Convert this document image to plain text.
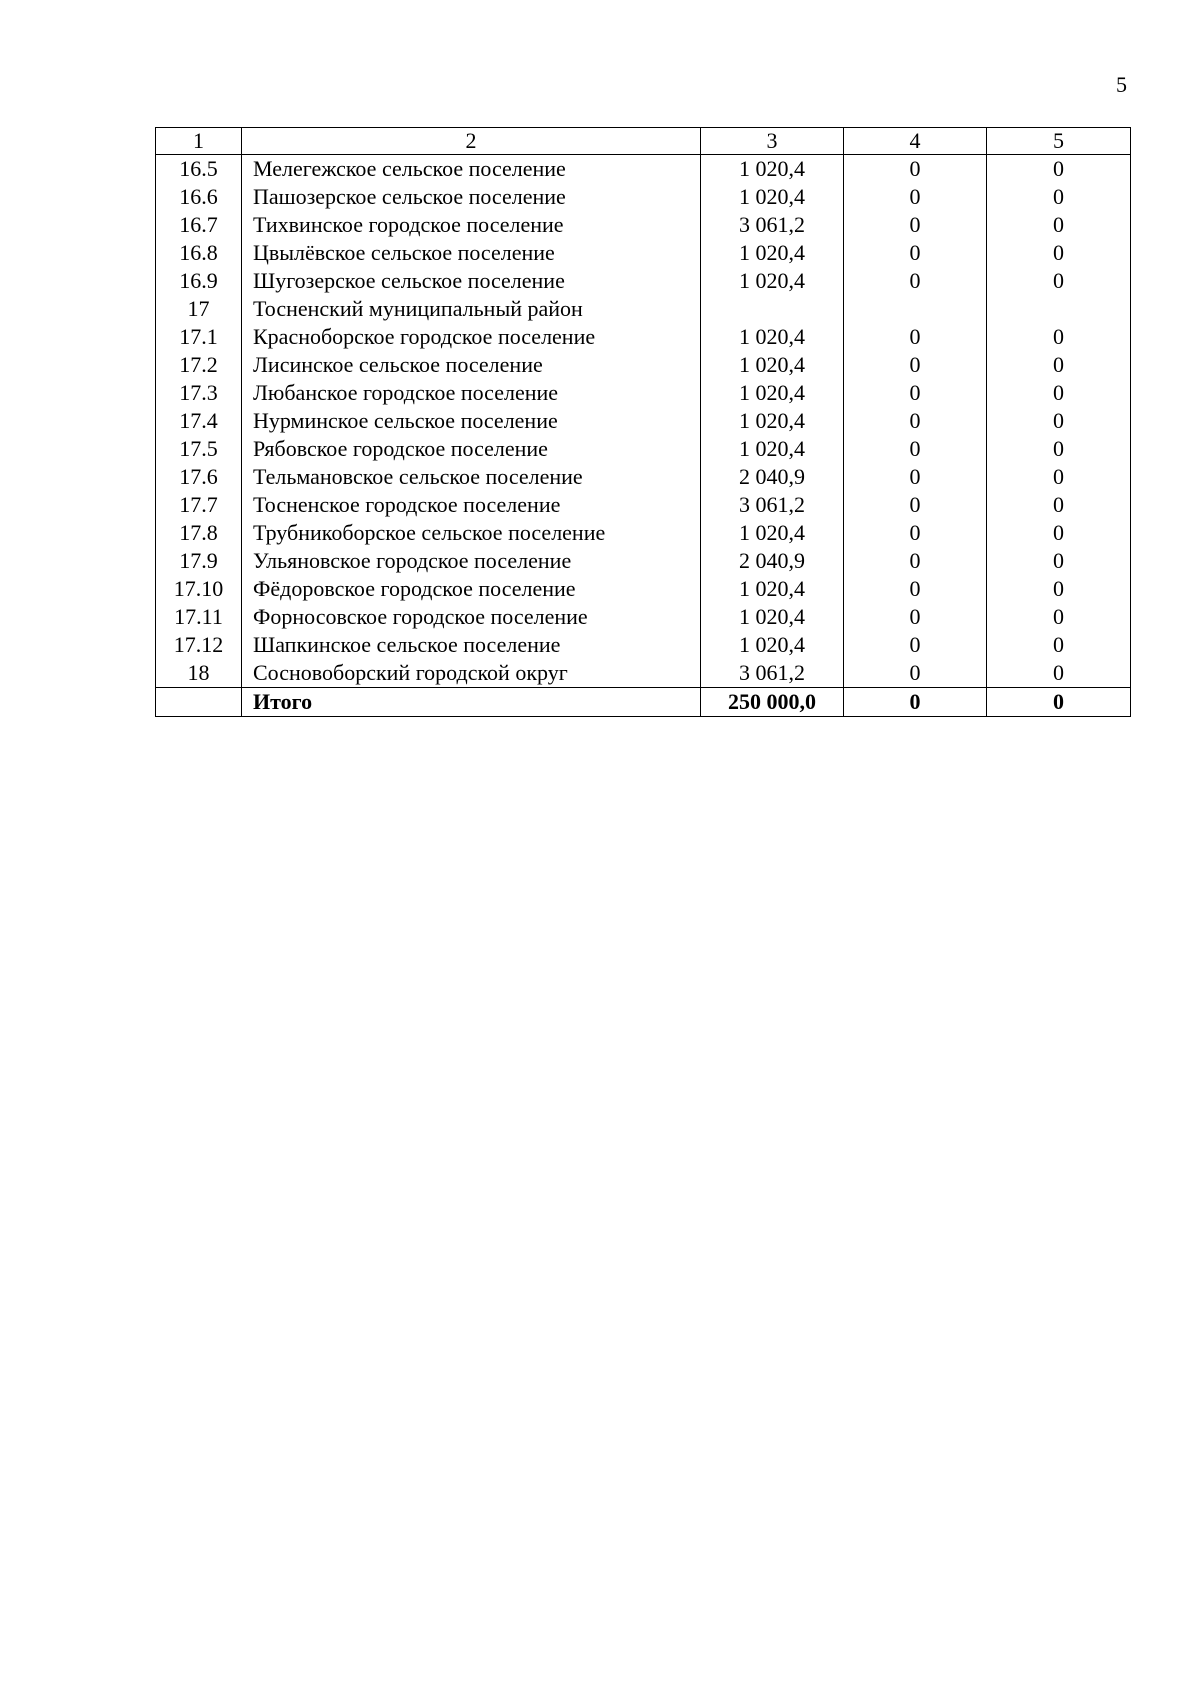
5
1	2	3	4	5
16.5	Мелегежское сельское поселение	1 020,4	0	0
16.6	Пашозерское сельское поселение	1 020,4	0	0
16.7	Тихвинское городское поселение	3 061,2	0	0
16.8	Цвылёвское сельское поселение	1 020,4	0	0
16.9	Шугозерское сельское поселение	1 020,4	0	0
17	Тосненский муниципальный район			
17.1	Красноборское городское поселение	1 020,4	0	0
17.2	Лисинское сельское поселение	1 020,4	0	0
17.3	Любанское городское поселение	1 020,4	0	0
17.4	Нурминское сельское поселение	1 020,4	0	0
17.5	Рябовское городское поселение	1 020,4	0	0
17.6	Тельмановское сельское поселение	2 040,9	0	0
17.7	Тосненское городское поселение	3 061,2	0	0
17.8	Трубникоборское сельское поселение	1 020,4	0	0
17.9	Ульяновское городское поселение	2 040,9	0	0
17.10	Фёдоровское городское поселение	1 020,4	0	0
17.11	Форносовское городское поселение	1 020,4	0	0
17.12	Шапкинское сельское поселение	1 020,4	0	0
18	Сосновоборский городской округ	3 061,2	0	0
	Итого	250 000,0	0	0
